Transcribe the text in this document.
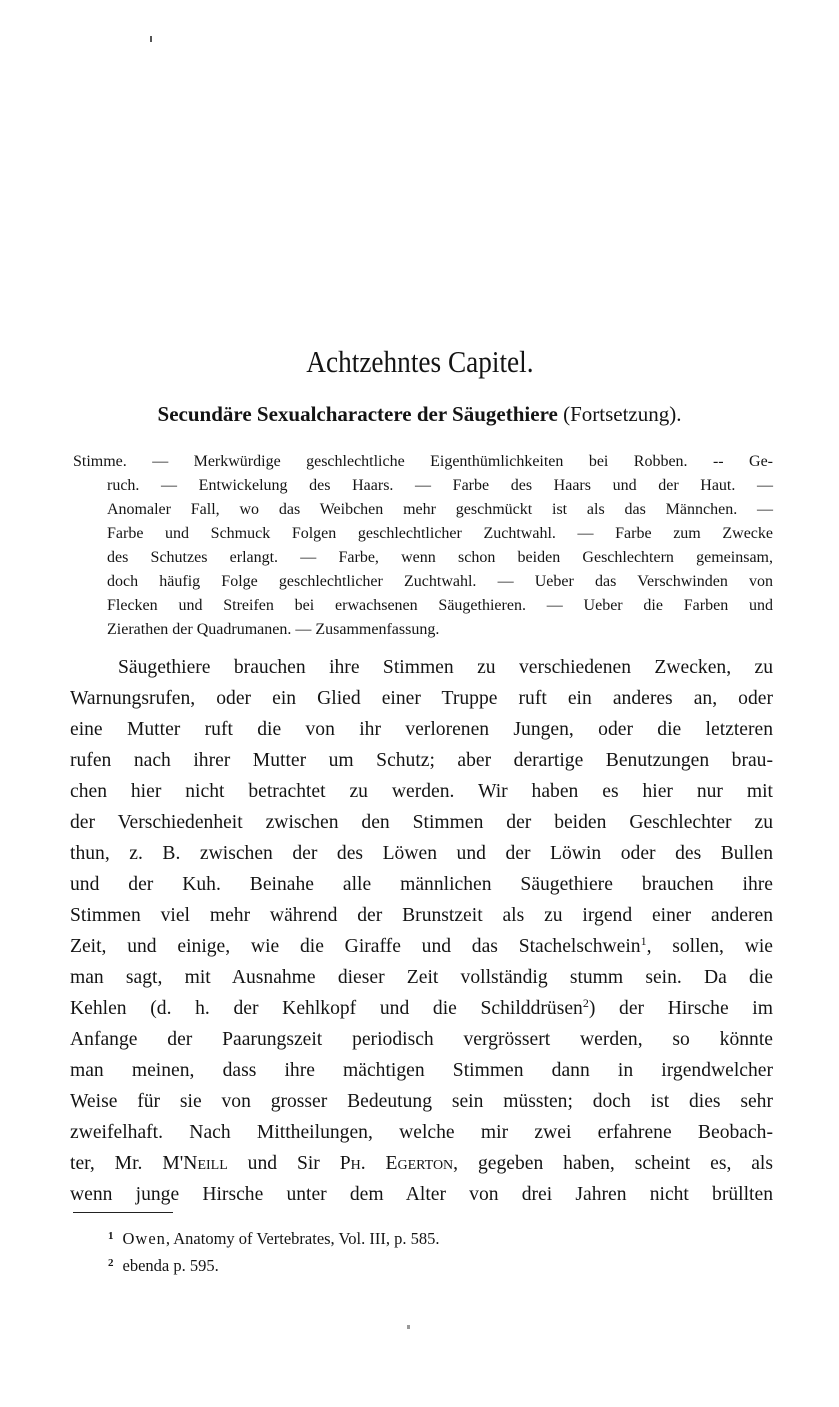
Achtzehntes Capitel.
Secundäre Sexualcharactere der Säugethiere (Fortsetzung).
Stimme. — Merkwürdige geschlechtliche Eigenthümlichkeiten bei Robben. -- Ge-
ruch. — Entwickelung des Haars. — Farbe des Haars und der Haut. —
Anomaler Fall, wo das Weibchen mehr geschmückt ist als das Männchen. —
Farbe und Schmuck Folgen geschlechtlicher Zuchtwahl. — Farbe zum Zwecke
des Schutzes erlangt. — Farbe, wenn schon beiden Geschlechtern gemeinsam,
doch häufig Folge geschlechtlicher Zuchtwahl. — Ueber das Verschwinden von
Flecken und Streifen bei erwachsenen Säugethieren. — Ueber die Farben und
Zierathen der Quadrumanen. — Zusammenfassung.
Säugethiere brauchen ihre Stimmen zu verschiedenen Zwecken, zu
Warnungsrufen, oder ein Glied einer Truppe ruft ein anderes an, oder
eine Mutter ruft die von ihr verlorenen Jungen, oder die letzteren
rufen nach ihrer Mutter um Schutz; aber derartige Benutzungen brau-
chen hier nicht betrachtet zu werden. Wir haben es hier nur mit
der Verschiedenheit zwischen den Stimmen der beiden Geschlechter zu
thun, z. B. zwischen der des Löwen und der Löwin oder des Bullen
und der Kuh. Beinahe alle männlichen Säugethiere brauchen ihre
Stimmen viel mehr während der Brunstzeit als zu irgend einer anderen
Zeit, und einige, wie die Giraffe und das Stachelschwein$^1$, sollen, wie
man sagt, mit Ausnahme dieser Zeit vollständig stumm sein. Da die
Kehlen (d. h. der Kehlkopf und die Schilddrüsen$^2$) der Hirsche im
Anfange der Paarungszeit periodisch vergrössert werden, so könnte
man meinen, dass ihre mächtigen Stimmen dann in irgendwelcher
Weise für sie von grosser Bedeutung sein müssten; doch ist dies sehr
zweifelhaft. Nach Mittheilungen, welche mir zwei erfahrene Beobach-
ter, Mr. M'Neill und Sir Ph. Egerton, gegeben haben, scheint es, als
wenn junge Hirsche unter dem Alter von drei Jahren nicht brüllten
$^1$ Owen, Anatomy of Vertebrates, Vol. III, p. 585.
$^2$ ebenda p. 595.
